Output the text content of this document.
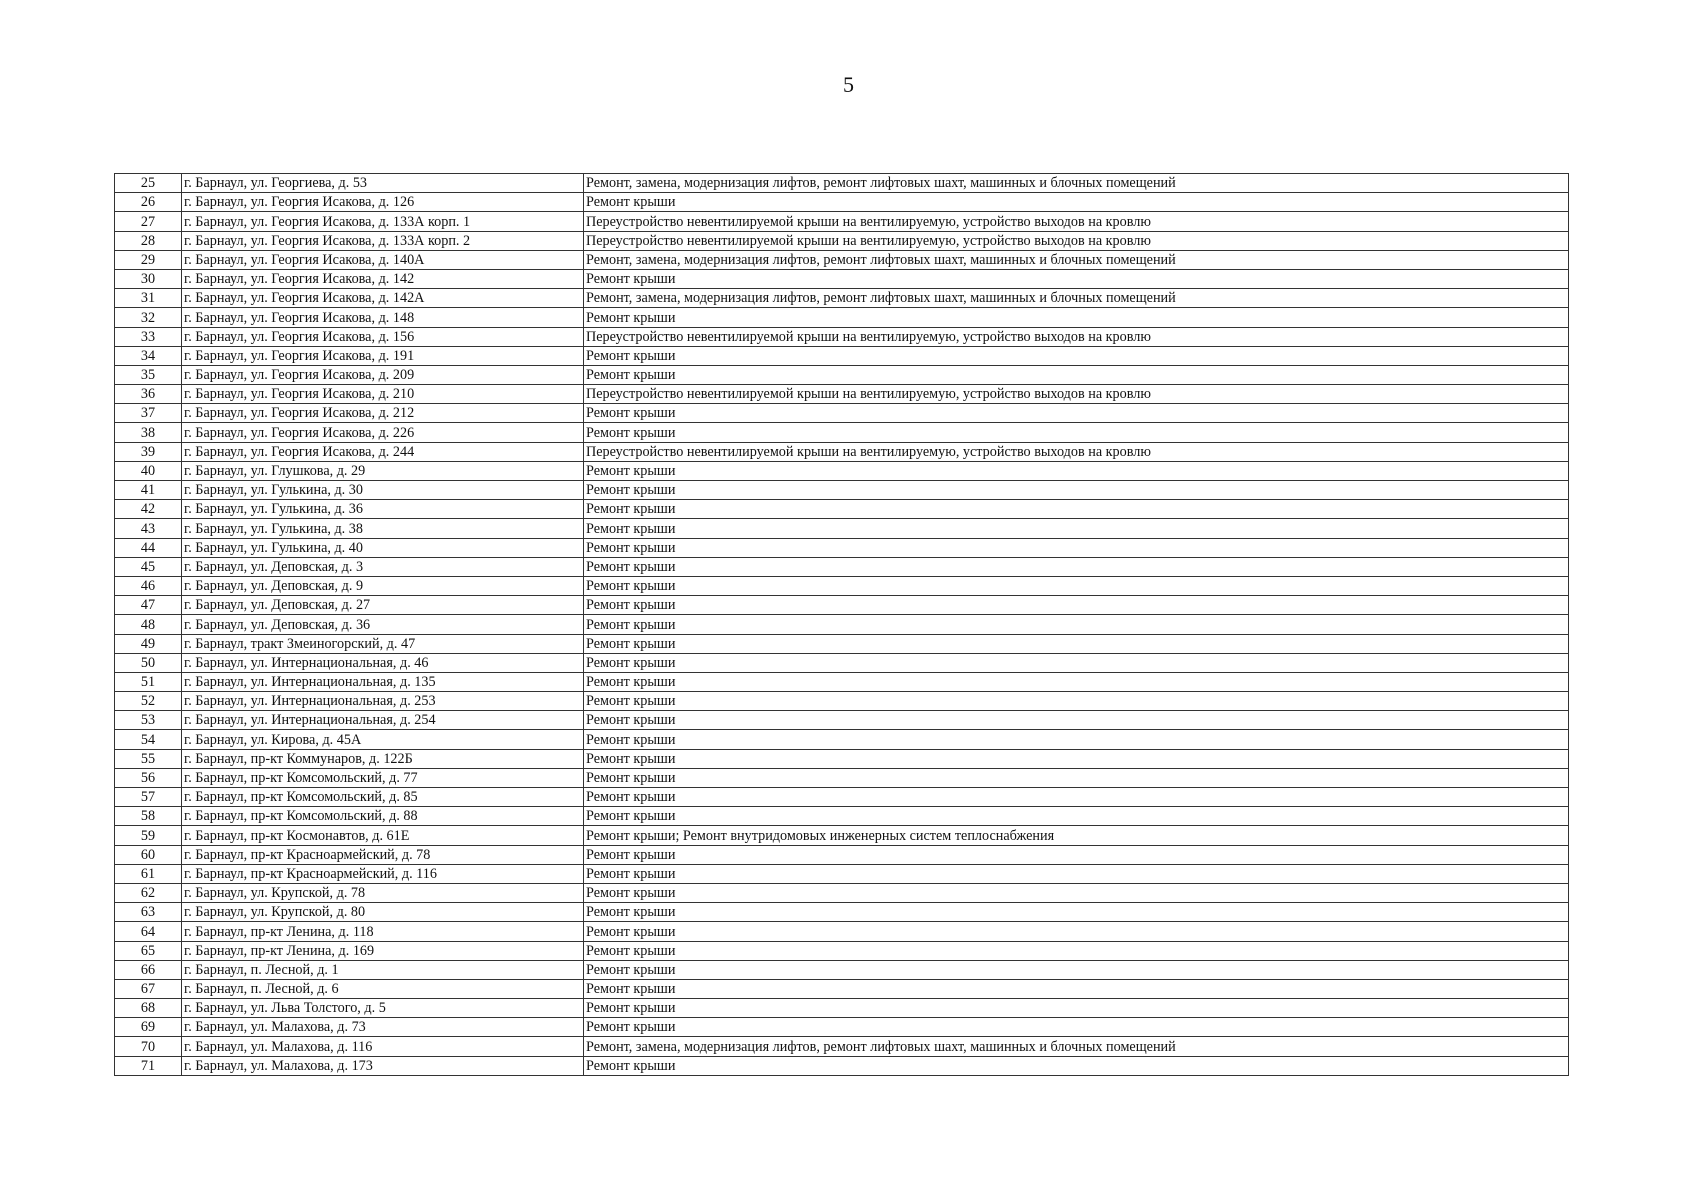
5
25	г. Барнаул, ул. Георгиева, д. 53	Ремонт, замена, модернизация лифтов, ремонт лифтовых шахт, машинных и блочных помещений
26	г. Барнаул, ул. Георгия Исакова, д. 126	Ремонт крыши
27	г. Барнаул, ул. Георгия Исакова, д. 133А корп. 1	Переустройство невентилируемой крыши на вентилируемую, устройство выходов на кровлю
28	г. Барнаул, ул. Георгия Исакова, д. 133А корп. 2	Переустройство невентилируемой крыши на вентилируемую, устройство выходов на кровлю
29	г. Барнаул, ул. Георгия Исакова, д. 140А	Ремонт, замена, модернизация лифтов, ремонт лифтовых шахт, машинных и блочных помещений
30	г. Барнаул, ул. Георгия Исакова, д. 142	Ремонт крыши
31	г. Барнаул, ул. Георгия Исакова, д. 142А	Ремонт, замена, модернизация лифтов, ремонт лифтовых шахт, машинных и блочных помещений
32	г. Барнаул, ул. Георгия Исакова, д. 148	Ремонт крыши
33	г. Барнаул, ул. Георгия Исакова, д. 156	Переустройство невентилируемой крыши на вентилируемую, устройство выходов на кровлю
34	г. Барнаул, ул. Георгия Исакова, д. 191	Ремонт крыши
35	г. Барнаул, ул. Георгия Исакова, д. 209	Ремонт крыши
36	г. Барнаул, ул. Георгия Исакова, д. 210	Переустройство невентилируемой крыши на вентилируемую, устройство выходов на кровлю
37	г. Барнаул, ул. Георгия Исакова, д. 212	Ремонт крыши
38	г. Барнаул, ул. Георгия Исакова, д. 226	Ремонт крыши
39	г. Барнаул, ул. Георгия Исакова, д. 244	Переустройство невентилируемой крыши на вентилируемую, устройство выходов на кровлю
40	г. Барнаул, ул. Глушкова, д. 29	Ремонт крыши
41	г. Барнаул, ул. Гулькина, д. 30	Ремонт крыши
42	г. Барнаул, ул. Гулькина, д. 36	Ремонт крыши
43	г. Барнаул, ул. Гулькина, д. 38	Ремонт крыши
44	г. Барнаул, ул. Гулькина, д. 40	Ремонт крыши
45	г. Барнаул, ул. Деповская, д. 3	Ремонт крыши
46	г. Барнаул, ул. Деповская, д. 9	Ремонт крыши
47	г. Барнаул, ул. Деповская, д. 27	Ремонт крыши
48	г. Барнаул, ул. Деповская, д. 36	Ремонт крыши
49	г. Барнаул, тракт Змеиногорский, д. 47	Ремонт крыши
50	г. Барнаул, ул. Интернациональная, д. 46	Ремонт крыши
51	г. Барнаул, ул. Интернациональная, д. 135	Ремонт крыши
52	г. Барнаул, ул. Интернациональная, д. 253	Ремонт крыши
53	г. Барнаул, ул. Интернациональная, д. 254	Ремонт крыши
54	г. Барнаул, ул. Кирова, д. 45А	Ремонт крыши
55	г. Барнаул, пр-кт Коммунаров, д. 122Б	Ремонт крыши
56	г. Барнаул, пр-кт Комсомольский, д. 77	Ремонт крыши
57	г. Барнаул, пр-кт Комсомольский, д. 85	Ремонт крыши
58	г. Барнаул, пр-кт Комсомольский, д. 88	Ремонт крыши
59	г. Барнаул, пр-кт Космонавтов, д. 61Е	Ремонт крыши; Ремонт внутридомовых инженерных систем теплоснабжения
60	г. Барнаул, пр-кт Красноармейский, д. 78	Ремонт крыши
61	г. Барнаул, пр-кт Красноармейский, д. 116	Ремонт крыши
62	г. Барнаул, ул. Крупской, д. 78	Ремонт крыши
63	г. Барнаул, ул. Крупской, д. 80	Ремонт крыши
64	г. Барнаул, пр-кт Ленина, д. 118	Ремонт крыши
65	г. Барнаул, пр-кт Ленина, д. 169	Ремонт крыши
66	г. Барнаул, п. Лесной, д. 1	Ремонт крыши
67	г. Барнаул, п. Лесной, д. 6	Ремонт крыши
68	г. Барнаул, ул. Льва Толстого, д. 5	Ремонт крыши
69	г. Барнаул, ул. Малахова, д. 73	Ремонт крыши
70	г. Барнаул, ул. Малахова, д. 116	Ремонт, замена, модернизация лифтов, ремонт лифтовых шахт, машинных и блочных помещений
71	г. Барнаул, ул. Малахова, д. 173	Ремонт крыши
